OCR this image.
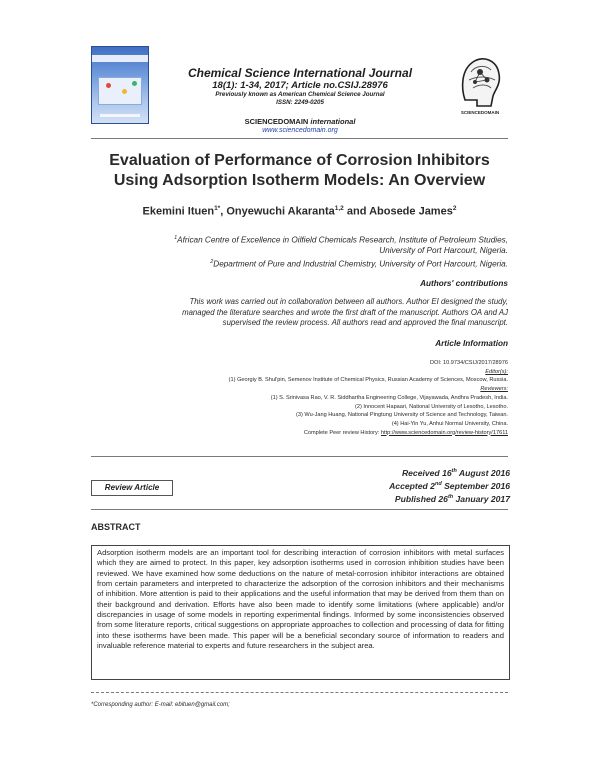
Chemical Science International Journal
18(1): 1-34, 2017; Article no.CSIJ.28976
Previously known as American Chemical Science Journal
ISSN: 2249-0205
SCIENCEDOMAIN international
www.sciencedomain.org
SCIENCEDOMAIN
Evaluation of Performance of Corrosion Inhibitors
Using Adsorption Isotherm Models: An Overview
Ekemini Ituen$^{1*}$, Onyewuchi Akaranta$^{1,2}$ and Abosede James$^2$
$^1$African Centre of Excellence in Oilfield Chemicals Research, Institute of Petroleum Studies,
University of Port Harcourt, Nigeria.
$^2$Department of Pure and Industrial Chemistry, University of Port Harcourt, Nigeria.
Authors' contributions
This work was carried out in collaboration between all authors. Author EI designed the study,
managed the literature searches and wrote the first draft of the manuscript. Authors OA and AJ
supervised the review process. All authors read and approved the final manuscript.
Article Information
DOI: 10.9734/CSIJ/2017/28976
Editor(s):
(1) Georgiy B. Shul'pin, Semenov Institute of Chemical Physics, Russian Academy of Sciences, Moscow, Russia.
Reviewers:
(1) S. Srinivasa Rao, V. R. Siddhartha Engineering College, Vijayawada, Andhra Pradesh, India.
(2) Innocent Hapaari, National University of Lesotho, Lesotho.
(3) Wu-Jang Huang, National Pingtung University of Science and Technology, Taiwan.
(4) Hai-Yin Yu, Anhui Normal University, China.
Complete Peer review History: http://www.sciencedomain.org/review-history/17611
Review Article
Received 16th August 2016
Accepted 2nd September 2016
Published 26th January 2017
ABSTRACT
Adsorption isotherm models are an important tool for describing interaction of corrosion inhibitors with metal surfaces which they are aimed to protect. In this paper, key adsorption isotherms used in corrosion inhibition studies have been reviewed. We have examined how some deductions on the nature of metal-corrosion inhibitor interactions are obtained from certain parameters and interpreted to characterize the adsorption of the corrosion inhibitors and their mechanisms of inhibition. More attention is paid to their applications and the useful information that may be derived from them than on their background and derivation. Efforts have also been made to identify some limitations (where applicable) and/or discrepancies in usage of some models in reporting experimental findings. Informed by some inconsistencies observed from some literature reports, critical suggestions on appropriate approaches to collection and processing of data for fitting into these isotherms have been made. This paper will be a beneficial secondary source of information to readers and invaluable reference material to experts and future researchers in the subject area.
*Corresponding author: E-mail: ebituen@gmail.com;
